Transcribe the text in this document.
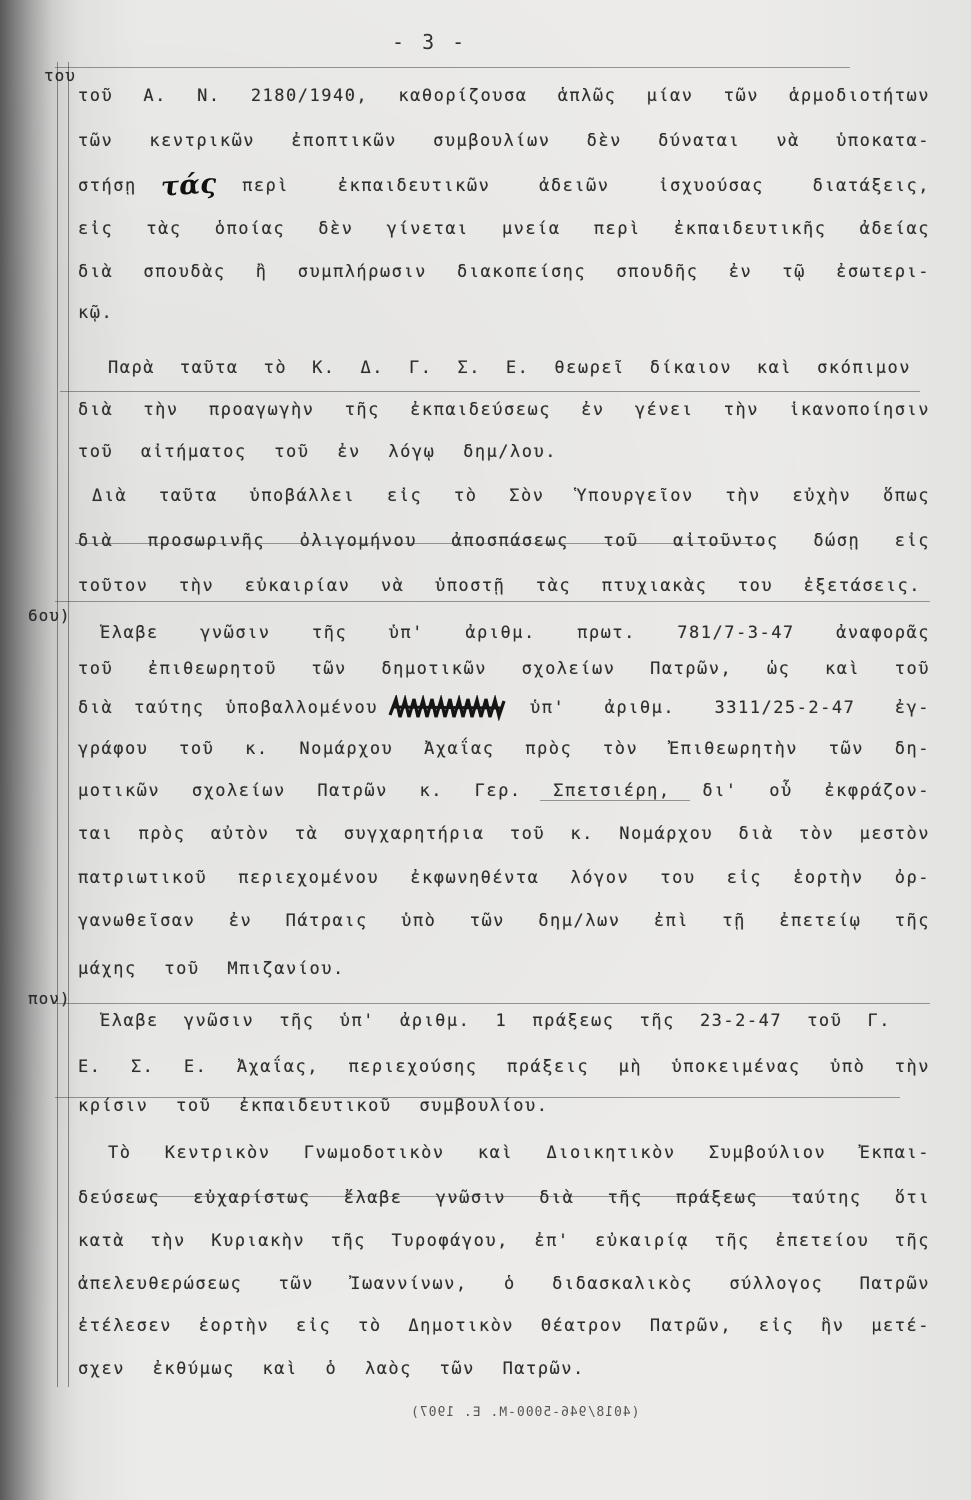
- 3 -
του
6ου)
πον)
τοῦ Α. Ν. 2180/1940, καθορίζουσα ἁπλῶς μίαν τῶν ἁρμοδιοτήτων
τῶν κεντρικῶν ἐποπτικῶν συμβουλίων δὲν δύναται νὰ ὑποκατα-
στήσῃ τάς περὶ ἐκπαιδευτικῶν ἀδειῶν ἰσχυούσας διατάξεις,
εἰς τὰς ὁποίας δὲν γίνεται μνεία περὶ ἐκπαιδευτικῆς ἀδείας
διὰ σπουδὰς ἢ συμπλήρωσιν διακοπείσης σπουδῆς ἐν τῷ ἐσωτερι-
κῷ.
Παρὰ ταῦτα τὸ Κ. Δ. Γ. Σ. Ε. θεωρεῖ δίκαιον καὶ σκόπιμον
διὰ τὴν προαγωγὴν τῆς ἐκπαιδεύσεως ἐν γένει τὴν ἱκανοποίησιν
τοῦ αἰτήματος τοῦ ἐν λόγῳ δημ/λου.
Διὰ ταῦτα ὑποβάλλει εἰς τὸ Σὸν Ὑπουργεῖον τὴν εὐχὴν ὅπως
διὰ προσωρινῆς ὀλιγομήνου ἀποσπάσεως τοῦ αἰτοῦντος δώσῃ εἰς
τοῦτον τὴν εὐκαιρίαν νὰ ὑποστῇ τὰς πτυχιακὰς του ἐξετάσεις.
Ἔλαβε γνῶσιν τῆς ὑπ' ἀριθμ. πρωτ. 781/7-3-47 ἀναφορᾶς
τοῦ ἐπιθεωρητοῦ τῶν δημοτικῶν σχολείων Πατρῶν, ὡς καὶ τοῦ
διὰ ταύτης ὑποβαλλομένου	ὑπ' ἀριθμ. 3311/25-2-47 ἐγ-
γράφου τοῦ κ. Νομάρχου Ἀχαΐας πρὸς τὸν Ἐπιθεωρητὴν τῶν δη-
μοτικῶν σχολείων Πατρῶν κ. Γερ. Σπετσιέρη, δι' οὗ ἐκφράζον-
ται πρὸς αὐτὸν τὰ συγχαρητήρια τοῦ κ. Νομάρχου διὰ τὸν μεστὸν
πατριωτικοῦ περιεχομένου ἐκφωνηθέντα λόγον του εἰς ἑορτὴν ὀρ-
γανωθεῖσαν ἐν Πάτραις ὑπὸ τῶν δημ/λων ἐπὶ τῇ ἐπετείῳ τῆς
μάχης τοῦ Μπιζανίου.
Ἔλαβε γνῶσιν τῆς ὑπ' ἀριθμ. 1 πράξεως τῆς 23-2-47 τοῦ Γ.
Ε. Σ. Ε. Ἀχαΐας, περιεχούσης πράξεις μὴ ὑποκειμένας ὑπὸ τὴν
κρίσιν τοῦ ἐκπαιδευτικοῦ συμβουλίου.
Τὸ Κεντρικὸν Γνωμοδοτικὸν καὶ Διοικητικὸν Συμβούλιον Ἐκπαι-
δεύσεως εὐχαρίστως ἔλαβε γνῶσιν διὰ τῆς πράξεως ταύτης ὅτι
κατὰ τὴν Κυριακὴν τῆς Τυροφάγου, ἐπ' εὐκαιρίᾳ τῆς ἐπετείου τῆς
ἀπελευθερώσεως τῶν Ἰωαννίνων, ὁ διδασκαλικὸς σύλλογος Πατρῶν
ἐτέλεσεν ἑορτὴν εἰς τὸ Δημοτικὸν Θέατρον Πατρῶν, εἰς ἣν μετέ-
σχεν ἐκθύμως καὶ ὁ λαὸς τῶν Πατρῶν.
(4018/946-5000-Μ. Ε. 1907)
